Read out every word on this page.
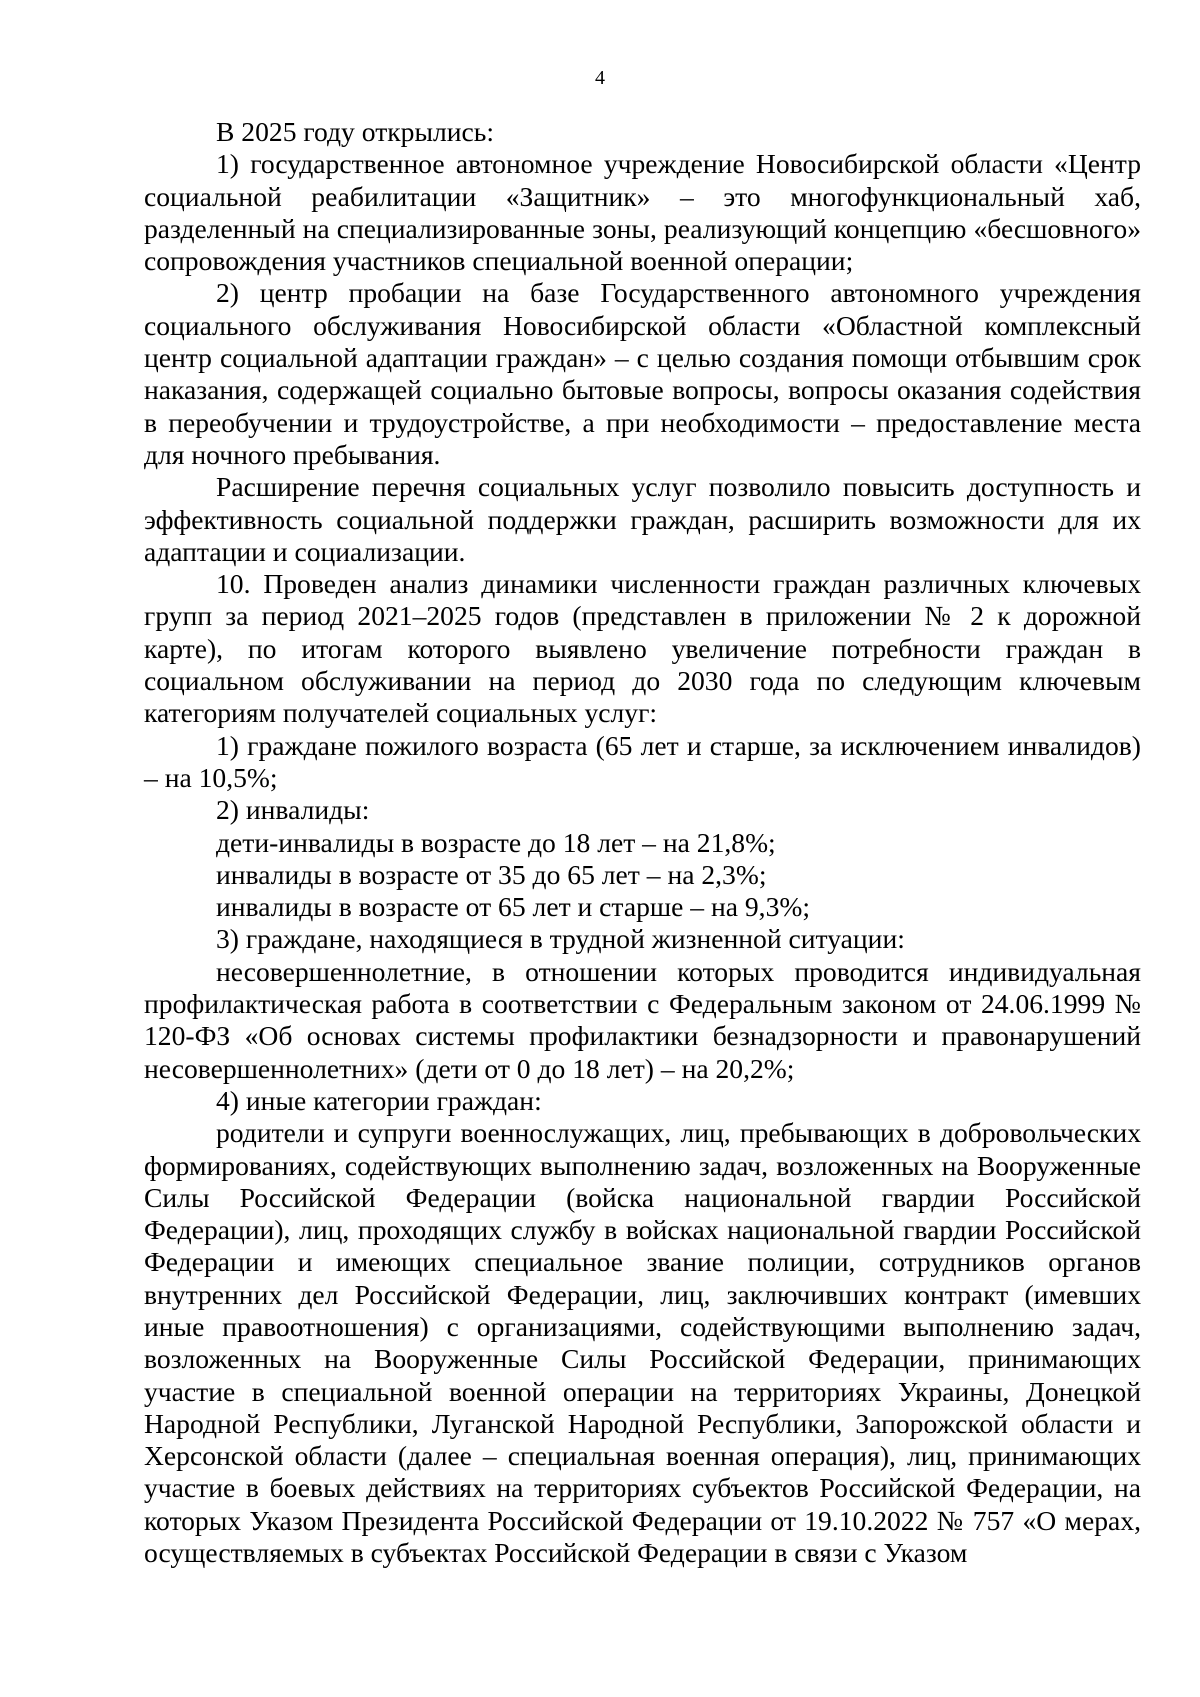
4

В 2025 году открылись:

1) государственное автономное учреждение Новосибирской области «Центр социальной реабилитации «Защитник» – это многофункциональный хаб, разделенный на специализированные зоны, реализующий концепцию «бесшовного» сопровождения участников специальной военной операции;

2) центр пробации на базе Государственного автономного учреждения социального обслуживания Новосибирской области «Областной комплексный центр социальной адаптации граждан» – с целью создания помощи отбывшим срок наказания, содержащей социально бытовые вопросы, вопросы оказания содействия в переобучении и трудоустройстве, а при необходимости – предоставление места для ночного пребывания.

Расширение перечня социальных услуг позволило повысить доступность и эффективность социальной поддержки граждан, расширить возможности для их адаптации и социализации.

10. Проведен анализ динамики численности граждан различных ключевых групп за период 2021–2025 годов (представлен в приложении № 2 к дорожной карте), по итогам которого выявлено увеличение потребности граждан в социальном обслуживании на период до 2030 года по следующим ключевым категориям получателей социальных услуг:

1) граждане пожилого возраста (65 лет и старше, за исключением инвалидов) – на 10,5%;

2) инвалиды:

дети-инвалиды в возрасте до 18 лет – на 21,8%;

инвалиды в возрасте от 35 до 65 лет – на 2,3%;

инвалиды в возрасте от 65 лет и старше – на 9,3%;

3) граждане, находящиеся в трудной жизненной ситуации:

несовершеннолетние, в отношении которых проводится индивидуальная профилактическая работа в соответствии с Федеральным законом от 24.06.1999 № 120-ФЗ «Об основах системы профилактики безнадзорности и правонарушений несовершеннолетних» (дети от 0 до 18 лет) – на 20,2%;

4) иные категории граждан:

родители и супруги военнослужащих, лиц, пребывающих в добровольческих формированиях, содействующих выполнению задач, возложенных на Вооруженные Силы Российской Федерации (войска национальной гвардии Российской Федерации), лиц, проходящих службу в войсках национальной гвардии Российской Федерации и имеющих специальное звание полиции, сотрудников органов внутренних дел Российской Федерации, лиц, заключивших контракт (имевших иные правоотношения) с организациями, содействующими выполнению задач, возложенных на Вооруженные Силы Российской Федерации, принимающих участие в специальной военной операции на территориях Украины, Донецкой Народной Республики, Луганской Народной Республики, Запорожской области и Херсонской области (далее – специальная военная операция), лиц, принимающих участие в боевых действиях на территориях субъектов Российской Федерации, на которых Указом Президента Российской Федерации от 19.10.2022 № 757 «О мерах, осуществляемых в субъектах Российской Федерации в связи с Указом
